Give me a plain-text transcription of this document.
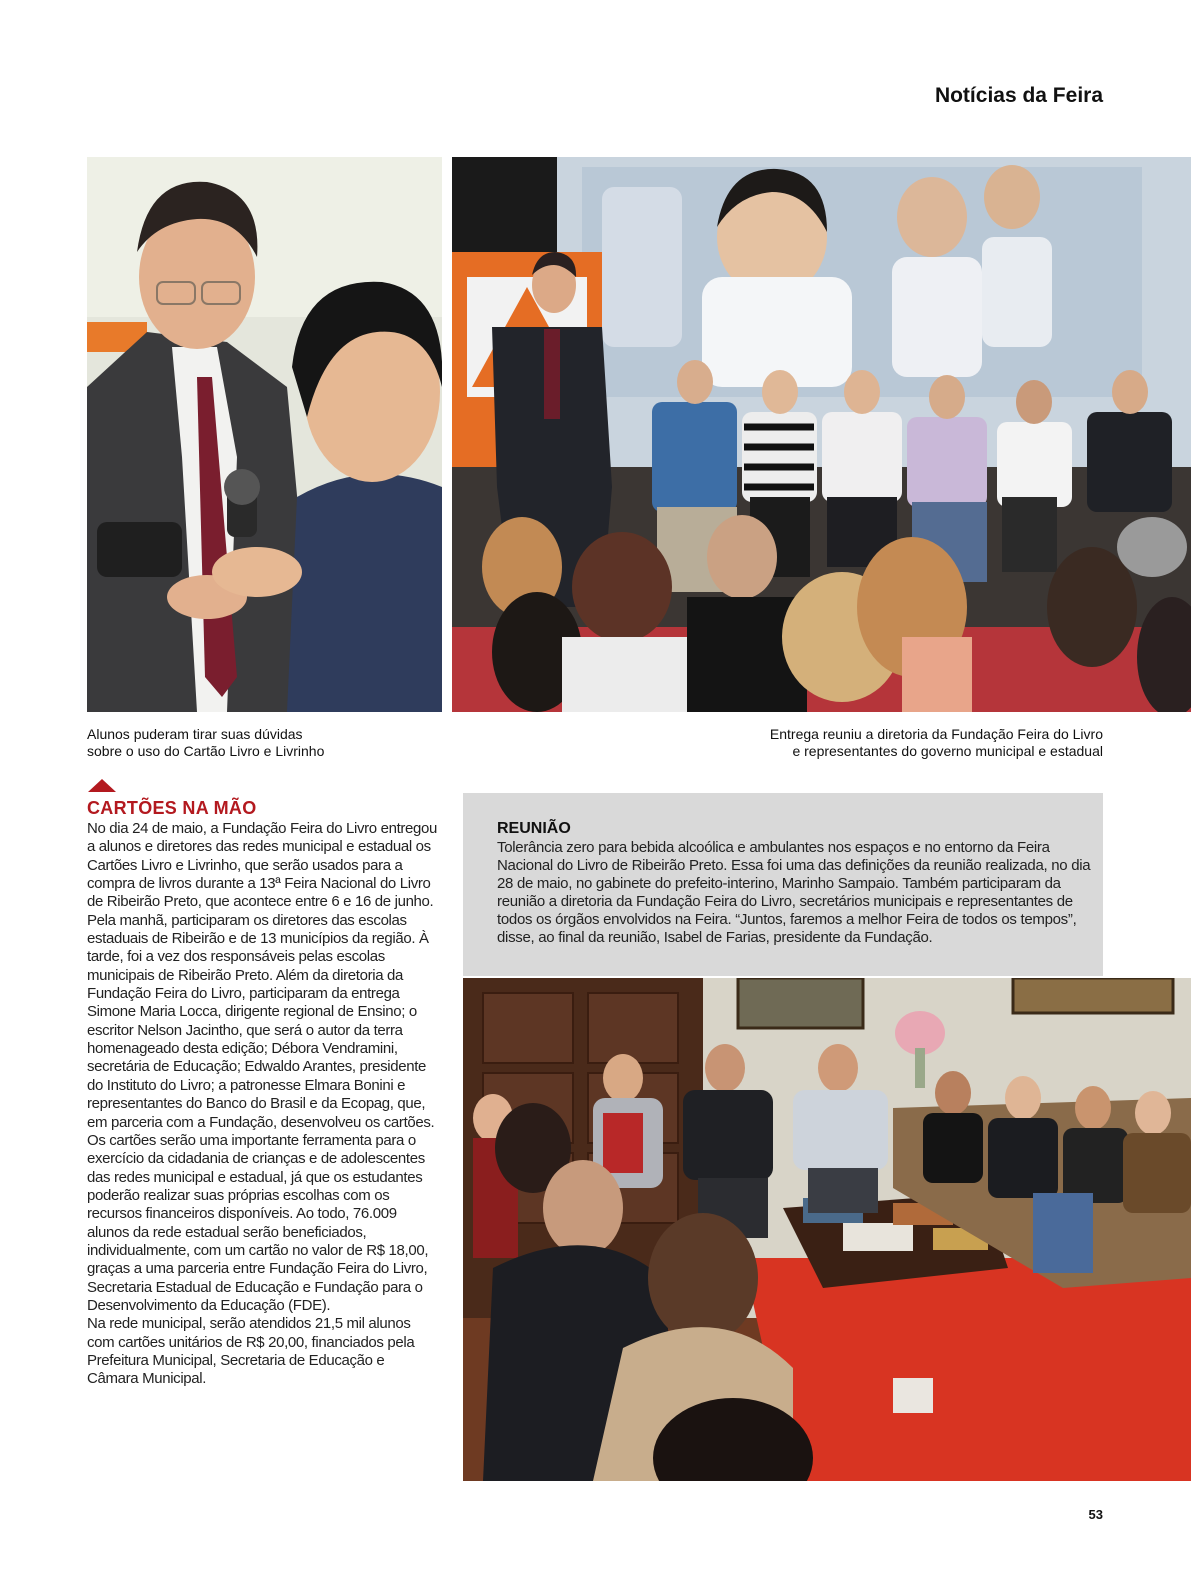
Notícias da Feira
Alunos puderam tirar suas dúvidas
sobre o uso do Cartão Livro e Livrinho
Entrega reuniu a diretoria da Fundação Feira do Livro
e representantes do governo municipal e estadual
CARTÕES NA MÃO

No dia 24 de maio, a Fundação Feira do Livro entregou a alunos e diretores das redes municipal e estadual os Cartões Livro e Livrinho, que serão usados para a compra de livros durante a 13ª Feira Nacional do Livro de Ribeirão Preto, que acontece entre 6 e 16 de junho. Pela manhã, participaram os diretores das escolas estaduais de Ribeirão e de 13 municípios da região. À tarde, foi a vez dos responsáveis pelas escolas municipais de Ribeirão Preto. Além da diretoria da Fundação Feira do Livro, participaram da entrega Simone Maria Locca, dirigente regional de Ensino; o escritor Nelson Jacintho, que será o autor da terra homenageado desta edição; Débora Vendramini, secretária de Educação; Edwaldo Arantes, presidente do Instituto do Livro; a patronesse Elmara Bonini e representantes do Banco do Brasil e da Ecopag, que, em parceria com a Fundação, desenvolveu os cartões.

Os cartões serão uma importante ferramenta para o exercício da cidadania de crianças e de adolescentes das redes municipal e estadual, já que os estudantes poderão realizar suas próprias escolhas com os recursos financeiros disponíveis. Ao todo, 76.009 alunos da rede estadual serão beneficiados, individualmente, com um cartão no valor de R$ 18,00, graças a uma parceria entre Fundação Feira do Livro, Secretaria Estadual de Educação e Fundação para o Desenvolvimento da Educação (FDE).

Na rede municipal, serão atendidos 21,5 mil alunos com cartões unitários de R$ 20,00, financiados pela Prefeitura Municipal, Secretaria de Educação e Câmara Municipal.

REUNIÃO
Tolerância zero para bebida alcoólica e ambulantes nos espaços e no entorno da Feira Nacional do Livro de Ribeirão Preto. Essa foi uma das definições da reunião realizada, no dia 28 de maio, no gabinete do prefeito-interino, Marinho Sampaio. Também participaram da reunião a diretoria da Fundação Feira do Livro, secretários municipais e representantes de todos os órgãos envolvidos na Feira. “Juntos, faremos a melhor Feira de todos os tempos”, disse, ao final da reunião, Isabel de Farias, presidente da Fundação.
53
